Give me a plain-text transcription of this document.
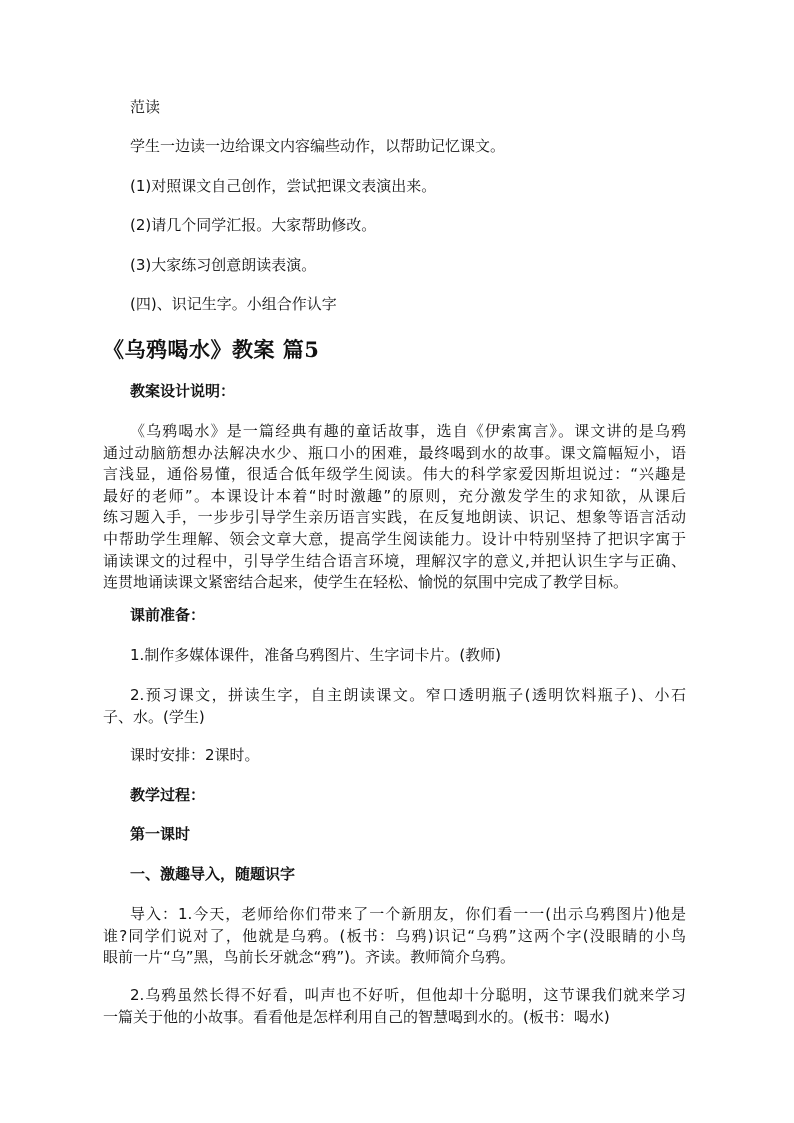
范读
学生一边读一边给课文内容编些动作，以帮助记忆课文。
(1)对照课文自己创作，尝试把课文表演出来。
(2)请几个同学汇报。大家帮助修改。
(3)大家练习创意朗读表演。
(四)、识记生字。小组合作认字
《乌鸦喝水》教案 篇5
教案设计说明：
《乌鸦喝水》是一篇经典有趣的童话故事，选自《伊索寓言》。课文讲的是乌鸦
通过动脑筋想办法解决水少、瓶口小的困难，最终喝到水的故事。课文篇幅短小，语
言浅显，通俗易懂，很适合低年级学生阅读。伟大的科学家爱因斯坦说过：“兴趣是
最好的老师”。本课设计本着“时时激趣”的原则，充分激发学生的求知欲，从课后
练习题入手，一步步引导学生亲历语言实践，在反复地朗读、识记、想象等语言活动
中帮助学生理解、领会文章大意，提高学生阅读能力。设计中特别坚持了把识字寓于
诵读课文的过程中，引导学生结合语言环境，理解汉字的意义,并把认识生字与正确、
连贯地诵读课文紧密结合起来，使学生在轻松、愉悦的氛围中完成了教学目标。
课前准备：
1.制作多媒体课件，准备乌鸦图片、生字词卡片。(教师)
2.预习课文，拼读生字，自主朗读课文。窄口透明瓶子(透明饮料瓶子)、小石
子、水。(学生)
课时安排：2课时。
教学过程：
第一课时
一、激趣导入，随题识字
导入：1.今天，老师给你们带来了一个新朋友，你们看一一(出示乌鸦图片)他是
谁?同学们说对了，他就是乌鸦。(板书：乌鸦)识记“乌鸦”这两个字(没眼睛的小鸟
眼前一片“乌”黑，鸟前长牙就念“鸦”)。齐读。教师简介乌鸦。
2.乌鸦虽然长得不好看，叫声也不好听，但他却十分聪明，这节课我们就来学习
一篇关于他的小故事。看看他是怎样利用自己的智慧喝到水的。(板书：喝水)
